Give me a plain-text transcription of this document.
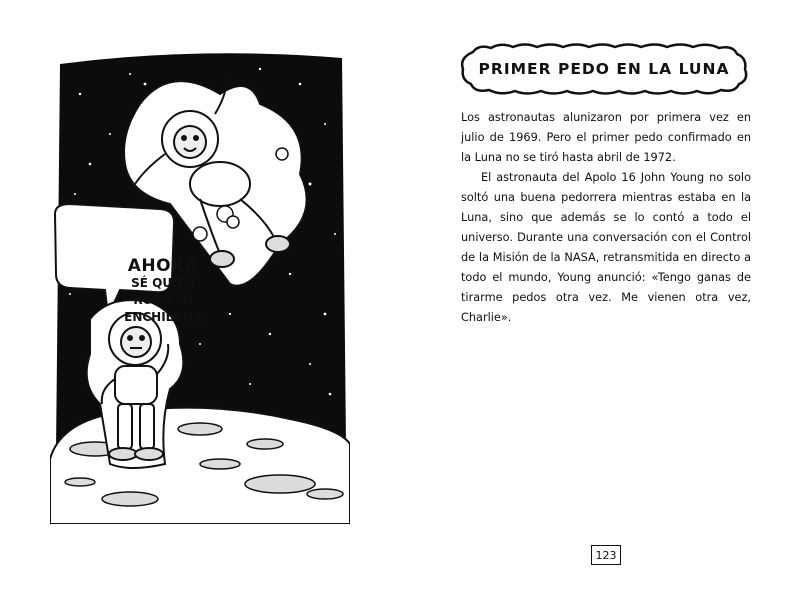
AHORA
SÉ QUIÉN
ROBO MI
ENCHILADA
PRIMER PEDO EN LA LUNA

Los astronautas alunizaron por primera vez en julio de 1969. Pero el primer pedo confirmado en la Luna no se tiró hasta abril de 1972.

El astronauta del Apolo 16 John Young no solo soltó una buena pedorrera mientras estaba en la Luna, sino que además se lo contó a todo el universo. Durante una conversación con el Control de la Misión de la NASA, retransmitida en directo a todo el mundo, Young anunció: «Tengo ganas de tirarme pedos otra vez. Me vienen otra vez, Charlie».

123
